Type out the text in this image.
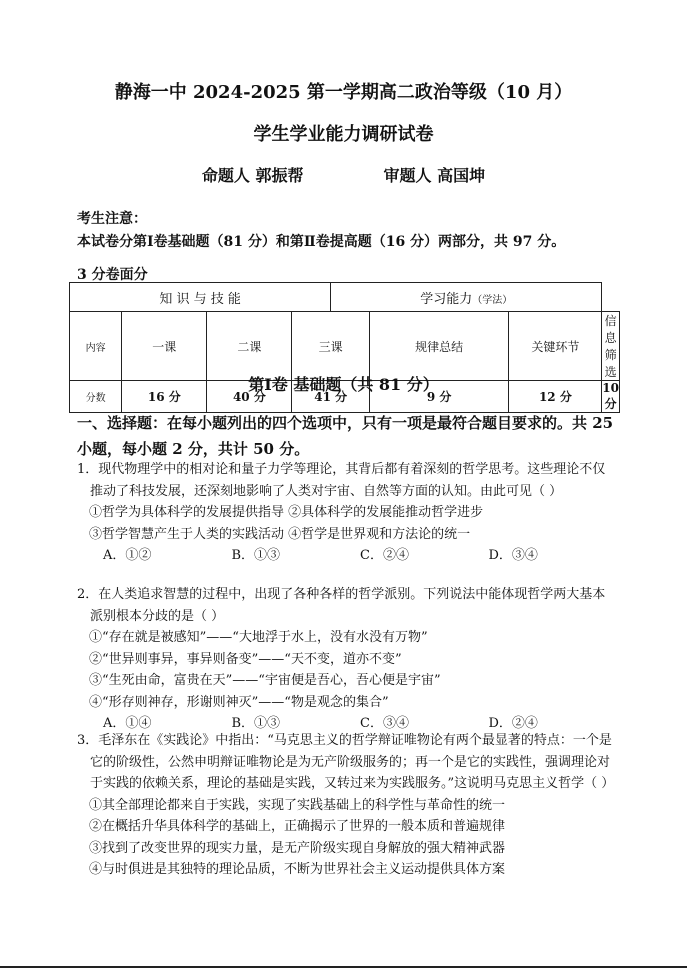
静海一中 2024-2025 第一学期高二政治等级（10 月）
学生学业能力调研试卷
命题人 郭振帮	审题人 高国坤
考生注意：
本试卷分第Ⅰ卷基础题（81 分）和第Ⅱ卷提高题（16 分）两部分，共 97 分。
3 分卷面分
知 识 与 技 能				学习能力（学法）			
内容	一课	二课	三课		规律总结	关键环节	信息筛选
分数	16 分	40 分	41 分		9 分	12 分	10 分
第Ⅰ卷 基础题（共 81 分）
一、选择题：在每小题列出的四个选项中，只有一项是最符合题目要求的。共 25 小题，每小题 2 分，共计 50 分。

1．现代物理学中的相对论和量子力学等理论，其背后都有着深刻的哲学思考。这些理论不仅推动了科技发展，还深刻地影响了人类对宇宙、自然等方面的认知。由此可见（ ）

①哲学为具体科学的发展提供指导 ②具体科学的发展能推动哲学进步
③哲学智慧产生于人类的实践活动 ④哲学是世界观和方法论的统一
A．①②	B．①③	C．②④	D．③④

2．在人类追求智慧的过程中，出现了各种各样的哲学派别。下列说法中能体现哲学两大基本派别根本分歧的是（ ）

①“存在就是被感知”——“大地浮于水上，没有水没有万物”
②“世异则事异，事异则备变”——“天不变，道亦不变”
③“生死由命，富贵在天”——“宇宙便是吾心，吾心便是宇宙”
④“形存则神存，形谢则神灭”——“物是观念的集合”
A．①④	B．①③	C．③④	D．②④

3．毛泽东在《实践论》中指出：“马克思主义的哲学辩证唯物论有两个最显著的特点：一个是它的阶级性，公然申明辩证唯物论是为无产阶级服务的；再一个是它的实践性，强调理论对于实践的依赖关系，理论的基础是实践，又转过来为实践服务。”这说明马克思主义哲学（ ）

①其全部理论都来自于实践，实现了实践基础上的科学性与革命性的统一
②在概括升华具体科学的基础上，正确揭示了世界的一般本质和普遍规律
③找到了改变世界的现实力量，是无产阶级实现自身解放的强大精神武器
④与时俱进是其独特的理论品质，不断为世界社会主义运动提供具体方案
